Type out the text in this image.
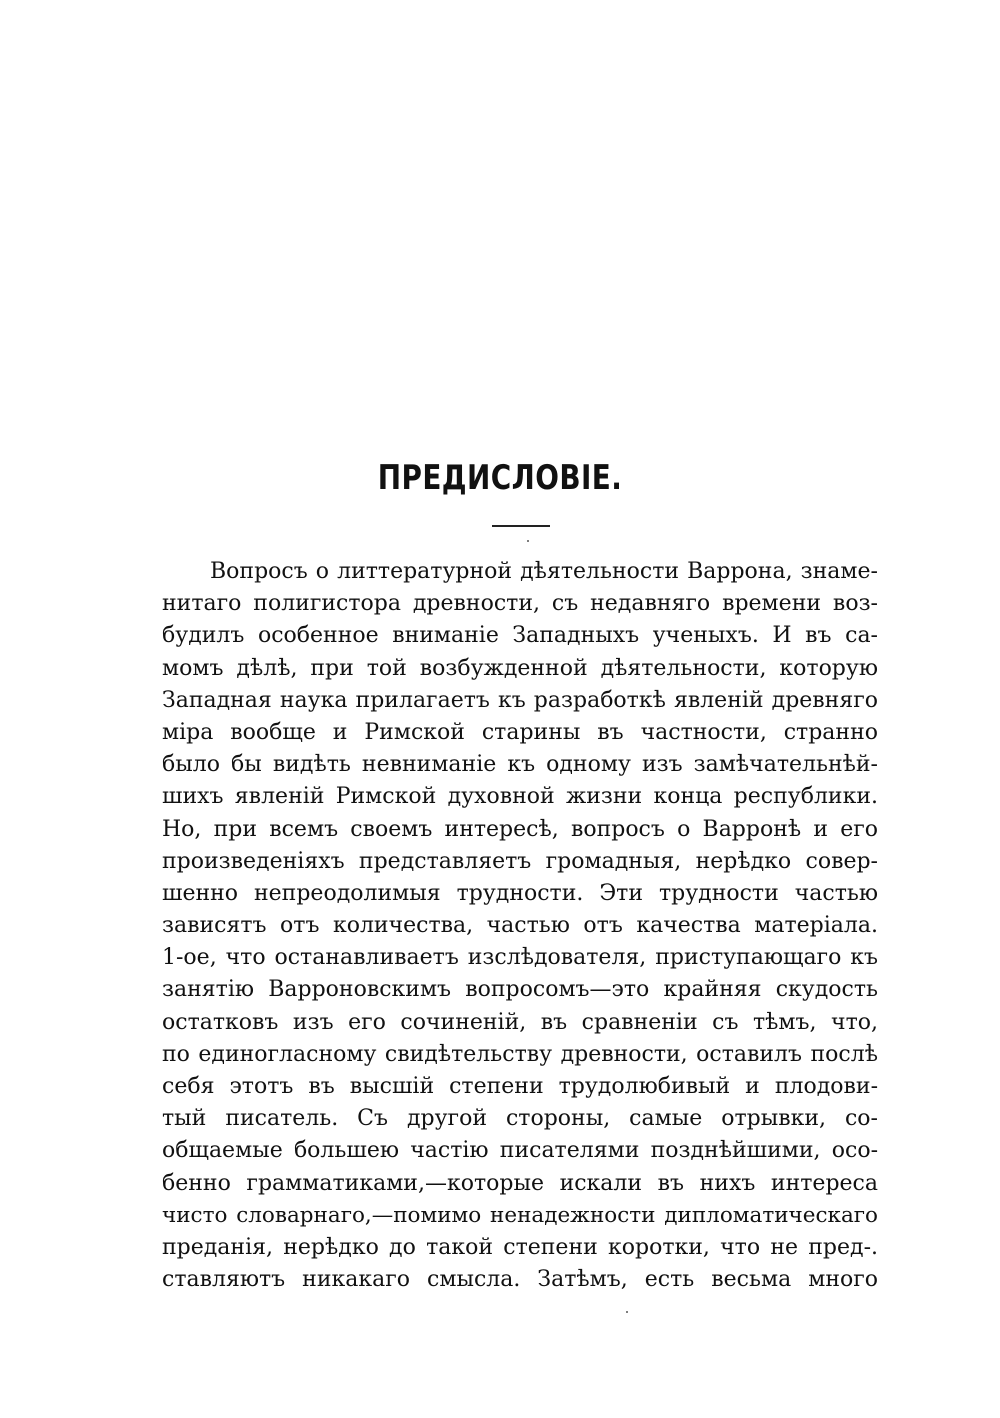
ПРЕДИСЛОВІЕ.
Вопросъ о литтературной дѣятельности Варрона, знаме-
нитаго полигистора древности, съ недавняго времени воз-
будилъ особенное вниманіе Западныхъ ученыхъ. И въ са-
момъ дѣлѣ, при той возбужденной дѣятельности, которую
Западная наука прилагаетъ къ разработкѣ явленій древняго
міра вообще и Римской старины въ частности, странно
было бы видѣть невниманіе къ одному изъ замѣчательнѣй-
шихъ явленій Римской духовной жизни конца республики.
Но, при всемъ своемъ интересѣ, вопросъ о Варронѣ и его
произведеніяхъ представляетъ громадныя, нерѣдко совер-
шенно непреодолимыя трудности. Эти трудности частью
зависятъ отъ количества, частью отъ качества матеріала.
1-ое, что останавливаетъ изслѣдователя, приступающаго къ
занятію Варроновскимъ вопросомъ—это крайняя скудость
остатковъ изъ его сочиненій, въ сравненіи съ тѣмъ, что,
по единогласному свидѣтельству древности, оставилъ послѣ
себя этотъ въ высшій степени трудолюбивый и плодови-
тый писатель. Съ другой стороны, самые отрывки, со-
общаемые большею частію писателями позднѣйшими, осо-
бенно грамматиками,—которые искали въ нихъ интереса
чисто словарнаго,—помимо ненадежности дипломатическаго
преданія, нерѣдко до такой степени коротки, что не пред-.
ставляютъ никакаго смысла. Затѣмъ, есть весьма много
